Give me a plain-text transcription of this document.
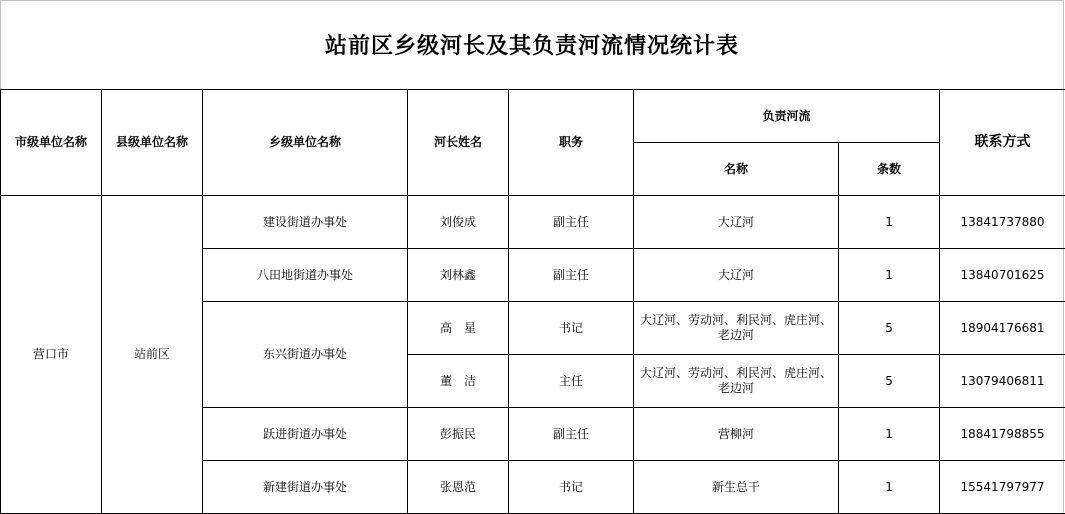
站前区乡级河长及其负责河流情况统计表
市级单位名称	县级单位名称	乡级单位名称	河长姓名	职务	负责河流		联系方式
					名称	条数	
营口市	站前区	建设街道办事处	刘俊成	副主任	大辽河	1	13841737880
		八田地街道办事处	刘林鑫	副主任	大辽河	1	13840701625
		东兴街道办事处	高　星	书记	大辽河、劳动河、利民河、虎庄河、老边河	5	18904176681
			董　洁	主任	大辽河、劳动河、利民河、虎庄河、老边河	5	13079406811
		跃进街道办事处	彭振民	副主任	营柳河	1	18841798855
		新建街道办事处	张恩范	书记	新生总干	1	15541797977
